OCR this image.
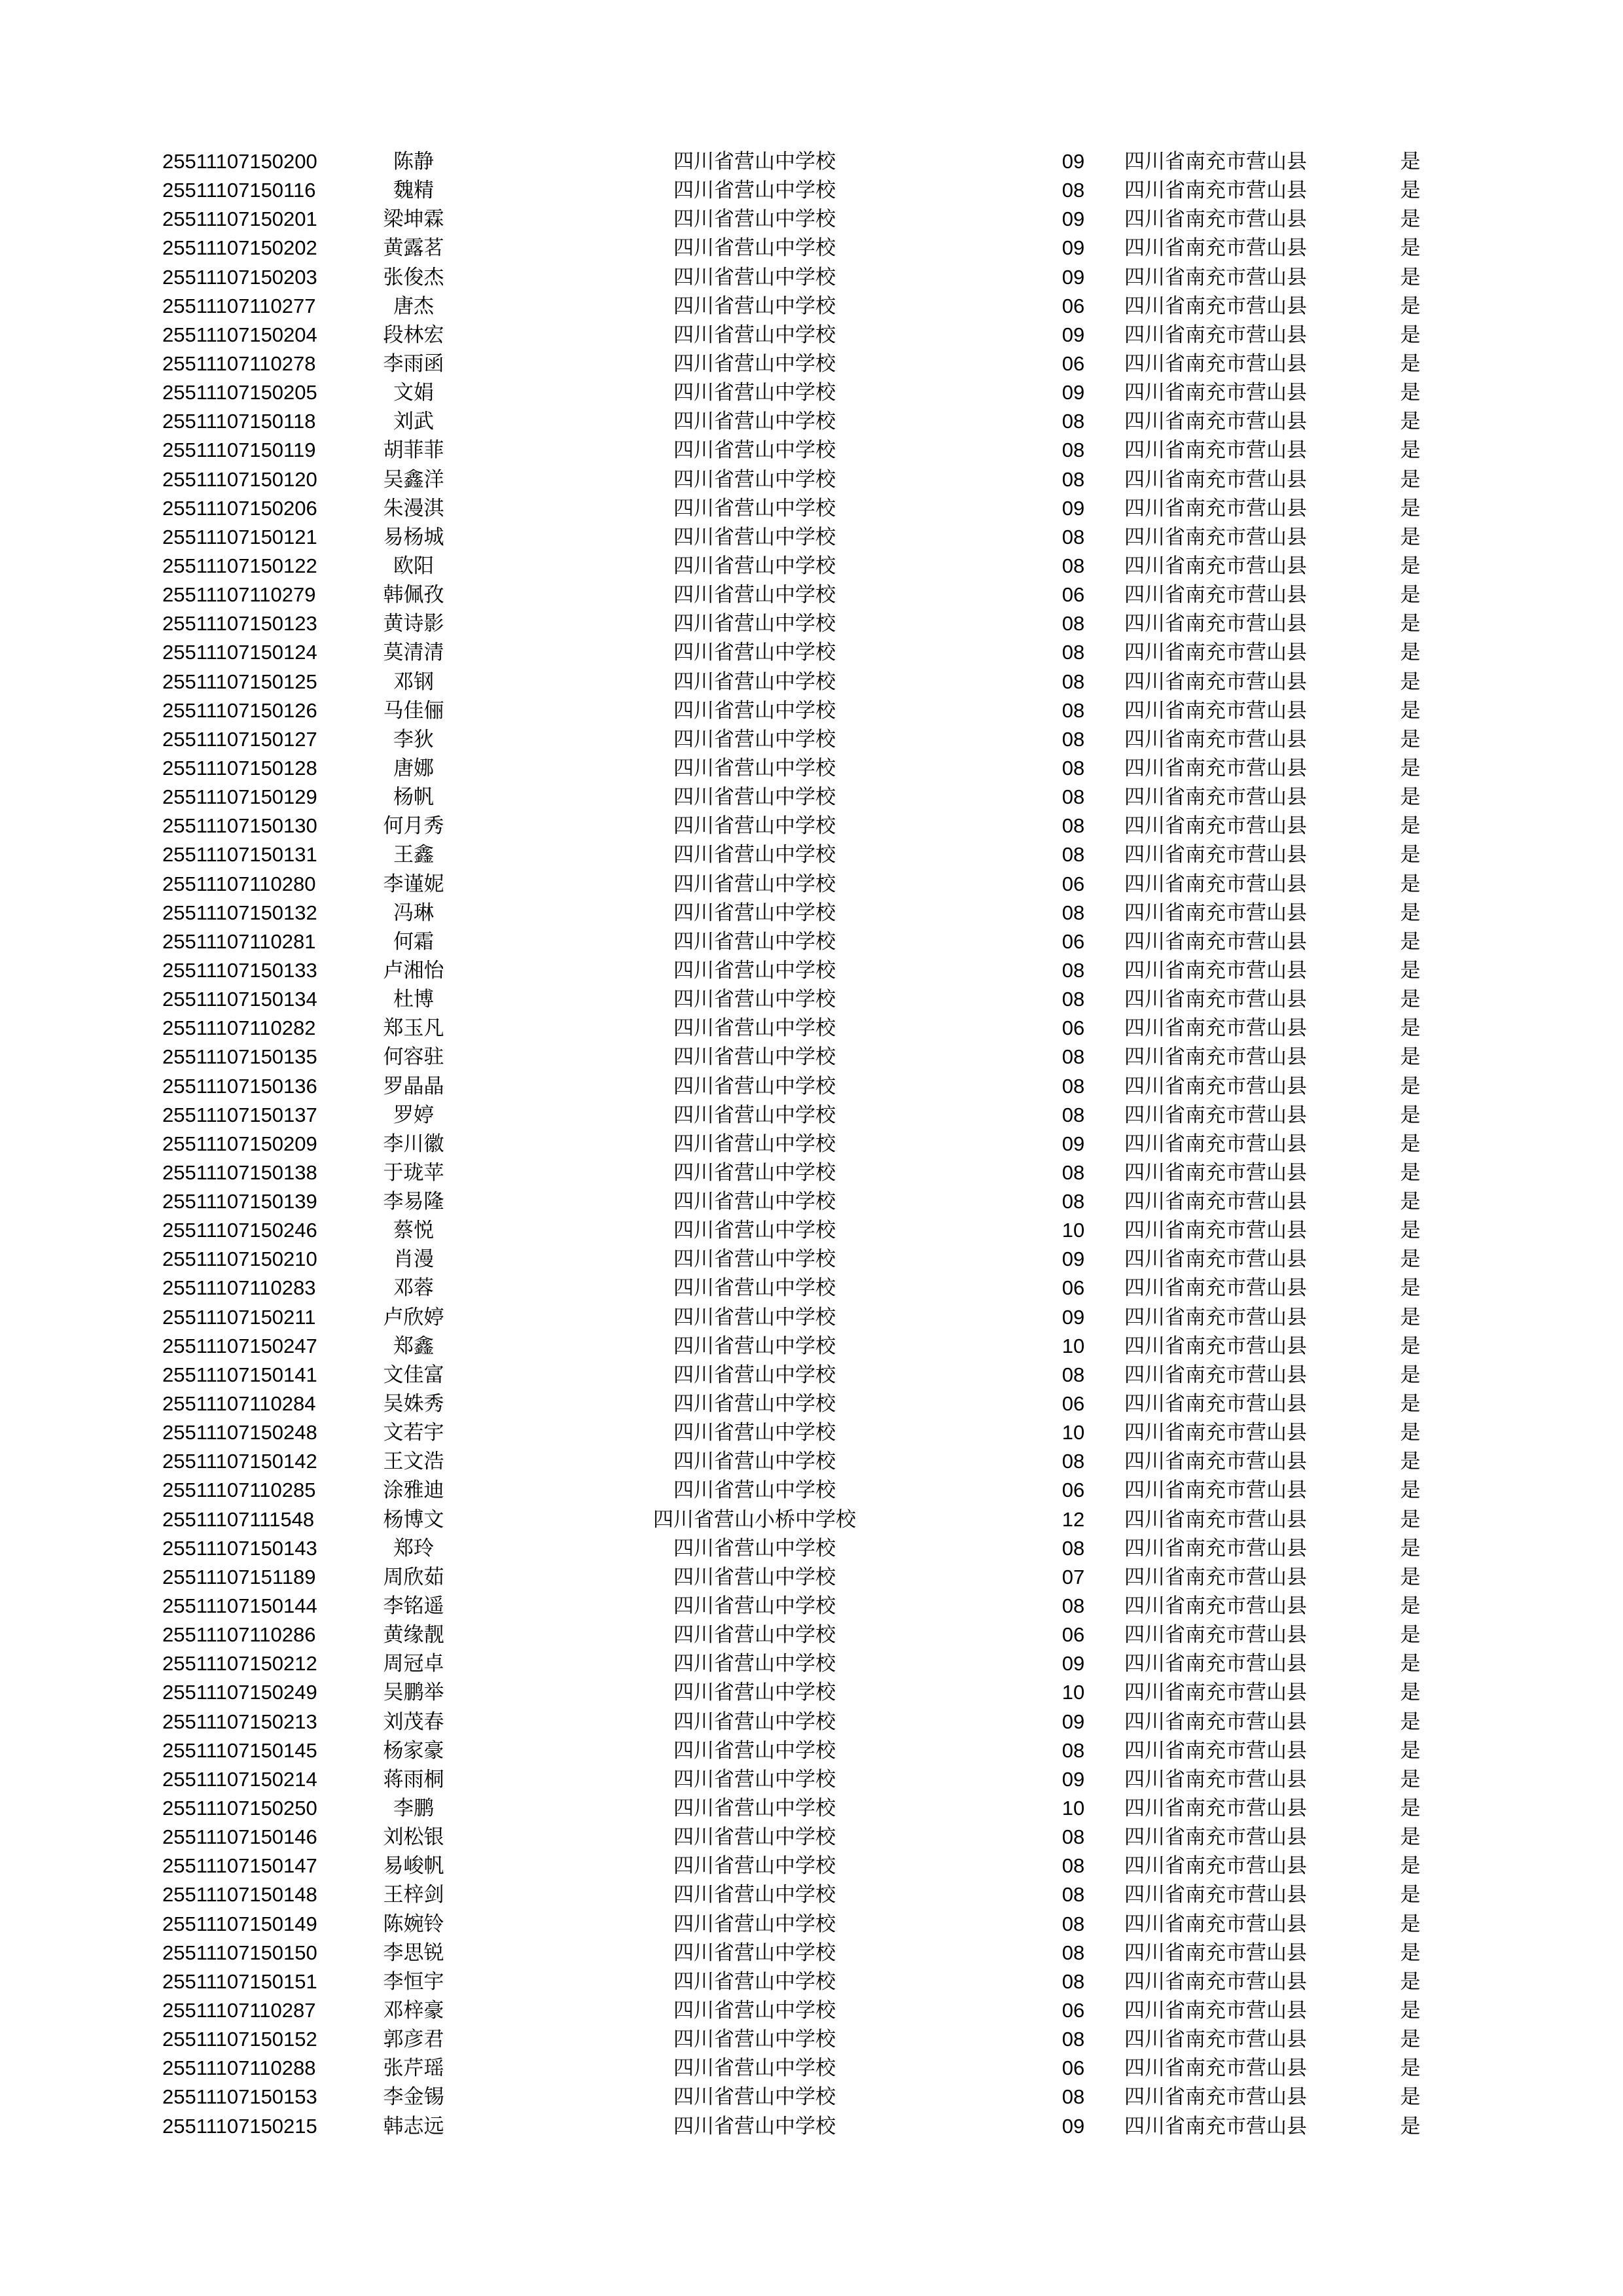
25511107150200	陈静	四川省营山中学校	09	四川省南充市营山县	是
25511107150116	魏精	四川省营山中学校	08	四川省南充市营山县	是
25511107150201	梁坤霖	四川省营山中学校	09	四川省南充市营山县	是
25511107150202	黄露茗	四川省营山中学校	09	四川省南充市营山县	是
25511107150203	张俊杰	四川省营山中学校	09	四川省南充市营山县	是
25511107110277	唐杰	四川省营山中学校	06	四川省南充市营山县	是
25511107150204	段林宏	四川省营山中学校	09	四川省南充市营山县	是
25511107110278	李雨函	四川省营山中学校	06	四川省南充市营山县	是
25511107150205	文娟	四川省营山中学校	09	四川省南充市营山县	是
25511107150118	刘武	四川省营山中学校	08	四川省南充市营山县	是
25511107150119	胡菲菲	四川省营山中学校	08	四川省南充市营山县	是
25511107150120	吴鑫洋	四川省营山中学校	08	四川省南充市营山县	是
25511107150206	朱漫淇	四川省营山中学校	09	四川省南充市营山县	是
25511107150121	易杨城	四川省营山中学校	08	四川省南充市营山县	是
25511107150122	欧阳	四川省营山中学校	08	四川省南充市营山县	是
25511107110279	韩佩孜	四川省营山中学校	06	四川省南充市营山县	是
25511107150123	黄诗影	四川省营山中学校	08	四川省南充市营山县	是
25511107150124	莫清清	四川省营山中学校	08	四川省南充市营山县	是
25511107150125	邓钢	四川省营山中学校	08	四川省南充市营山县	是
25511107150126	马佳俪	四川省营山中学校	08	四川省南充市营山县	是
25511107150127	李狄	四川省营山中学校	08	四川省南充市营山县	是
25511107150128	唐娜	四川省营山中学校	08	四川省南充市营山县	是
25511107150129	杨帆	四川省营山中学校	08	四川省南充市营山县	是
25511107150130	何月秀	四川省营山中学校	08	四川省南充市营山县	是
25511107150131	王鑫	四川省营山中学校	08	四川省南充市营山县	是
25511107110280	李谨妮	四川省营山中学校	06	四川省南充市营山县	是
25511107150132	冯琳	四川省营山中学校	08	四川省南充市营山县	是
25511107110281	何霜	四川省营山中学校	06	四川省南充市营山县	是
25511107150133	卢湘怡	四川省营山中学校	08	四川省南充市营山县	是
25511107150134	杜博	四川省营山中学校	08	四川省南充市营山县	是
25511107110282	郑玉凡	四川省营山中学校	06	四川省南充市营山县	是
25511107150135	何容驻	四川省营山中学校	08	四川省南充市营山县	是
25511107150136	罗晶晶	四川省营山中学校	08	四川省南充市营山县	是
25511107150137	罗婷	四川省营山中学校	08	四川省南充市营山县	是
25511107150209	李川徽	四川省营山中学校	09	四川省南充市营山县	是
25511107150138	于珑苹	四川省营山中学校	08	四川省南充市营山县	是
25511107150139	李易隆	四川省营山中学校	08	四川省南充市营山县	是
25511107150246	蔡悦	四川省营山中学校	10	四川省南充市营山县	是
25511107150210	肖漫	四川省营山中学校	09	四川省南充市营山县	是
25511107110283	邓蓉	四川省营山中学校	06	四川省南充市营山县	是
25511107150211	卢欣婷	四川省营山中学校	09	四川省南充市营山县	是
25511107150247	郑鑫	四川省营山中学校	10	四川省南充市营山县	是
25511107150141	文佳富	四川省营山中学校	08	四川省南充市营山县	是
25511107110284	吴姝秀	四川省营山中学校	06	四川省南充市营山县	是
25511107150248	文若宇	四川省营山中学校	10	四川省南充市营山县	是
25511107150142	王文浩	四川省营山中学校	08	四川省南充市营山县	是
25511107110285	涂雅迪	四川省营山中学校	06	四川省南充市营山县	是
25511107111548	杨博文	四川省营山小桥中学校	12	四川省南充市营山县	是
25511107150143	郑玲	四川省营山中学校	08	四川省南充市营山县	是
25511107151189	周欣茹	四川省营山中学校	07	四川省南充市营山县	是
25511107150144	李铭遥	四川省营山中学校	08	四川省南充市营山县	是
25511107110286	黄缘靓	四川省营山中学校	06	四川省南充市营山县	是
25511107150212	周冠卓	四川省营山中学校	09	四川省南充市营山县	是
25511107150249	吴鹏举	四川省营山中学校	10	四川省南充市营山县	是
25511107150213	刘茂春	四川省营山中学校	09	四川省南充市营山县	是
25511107150145	杨家豪	四川省营山中学校	08	四川省南充市营山县	是
25511107150214	蒋雨桐	四川省营山中学校	09	四川省南充市营山县	是
25511107150250	李鹏	四川省营山中学校	10	四川省南充市营山县	是
25511107150146	刘松银	四川省营山中学校	08	四川省南充市营山县	是
25511107150147	易峻帆	四川省营山中学校	08	四川省南充市营山县	是
25511107150148	王梓剑	四川省营山中学校	08	四川省南充市营山县	是
25511107150149	陈婉铃	四川省营山中学校	08	四川省南充市营山县	是
25511107150150	李思锐	四川省营山中学校	08	四川省南充市营山县	是
25511107150151	李恒宇	四川省营山中学校	08	四川省南充市营山县	是
25511107110287	邓梓豪	四川省营山中学校	06	四川省南充市营山县	是
25511107150152	郭彦君	四川省营山中学校	08	四川省南充市营山县	是
25511107110288	张芹瑶	四川省营山中学校	06	四川省南充市营山县	是
25511107150153	李金锡	四川省营山中学校	08	四川省南充市营山县	是
25511107150215	韩志远	四川省营山中学校	09	四川省南充市营山县	是
